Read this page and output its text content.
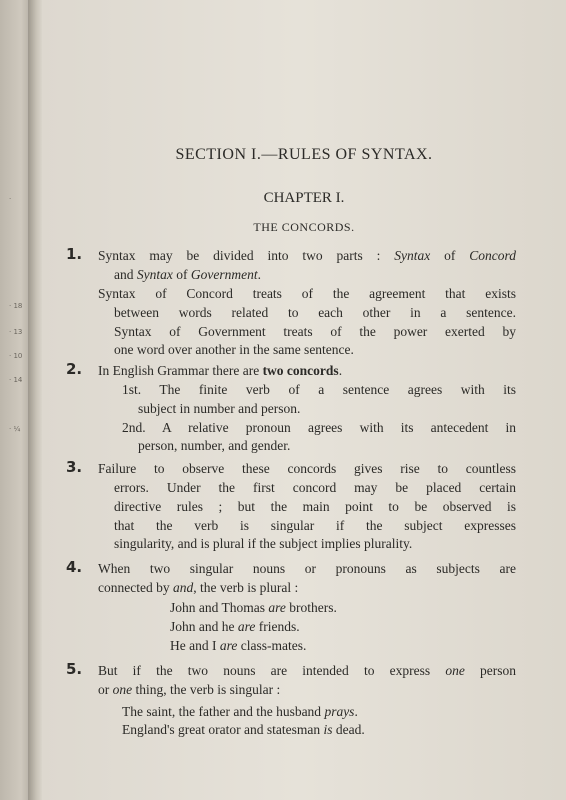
·
· 18
· 13
· 10
· 14
· ¼
SECTION I.—RULES OF SYNTAX.
CHAPTER I.
THE CONCORDS.
1. Syntax may be divided into two parts : Syntax of Concord
and Syntax of Government.
Syntax of Concord treats of the agreement that exists
between words related to each other in a sentence.
Syntax of Government treats of the power exerted by
one word over another in the same sentence.
2. In English Grammar there are two concords.
1st. The finite verb of a sentence agrees with its
subject in number and person.
2nd. A relative pronoun agrees with its antecedent in
person, number, and gender.
3. Failure to observe these concords gives rise to countless
errors. Under the first concord may be placed certain
directive rules ; but the main point to be observed is
that the verb is singular if the subject expresses
singularity, and is plural if the subject implies plurality.
4. When two singular nouns or pronouns as subjects are
connected by and, the verb is plural :
John and Thomas are brothers.
John and he are friends.
He and I are class-mates.
5. But if the two nouns are intended to express one person
or one thing, the verb is singular :
The saint, the father and the husband prays.
England's great orator and statesman is dead.
